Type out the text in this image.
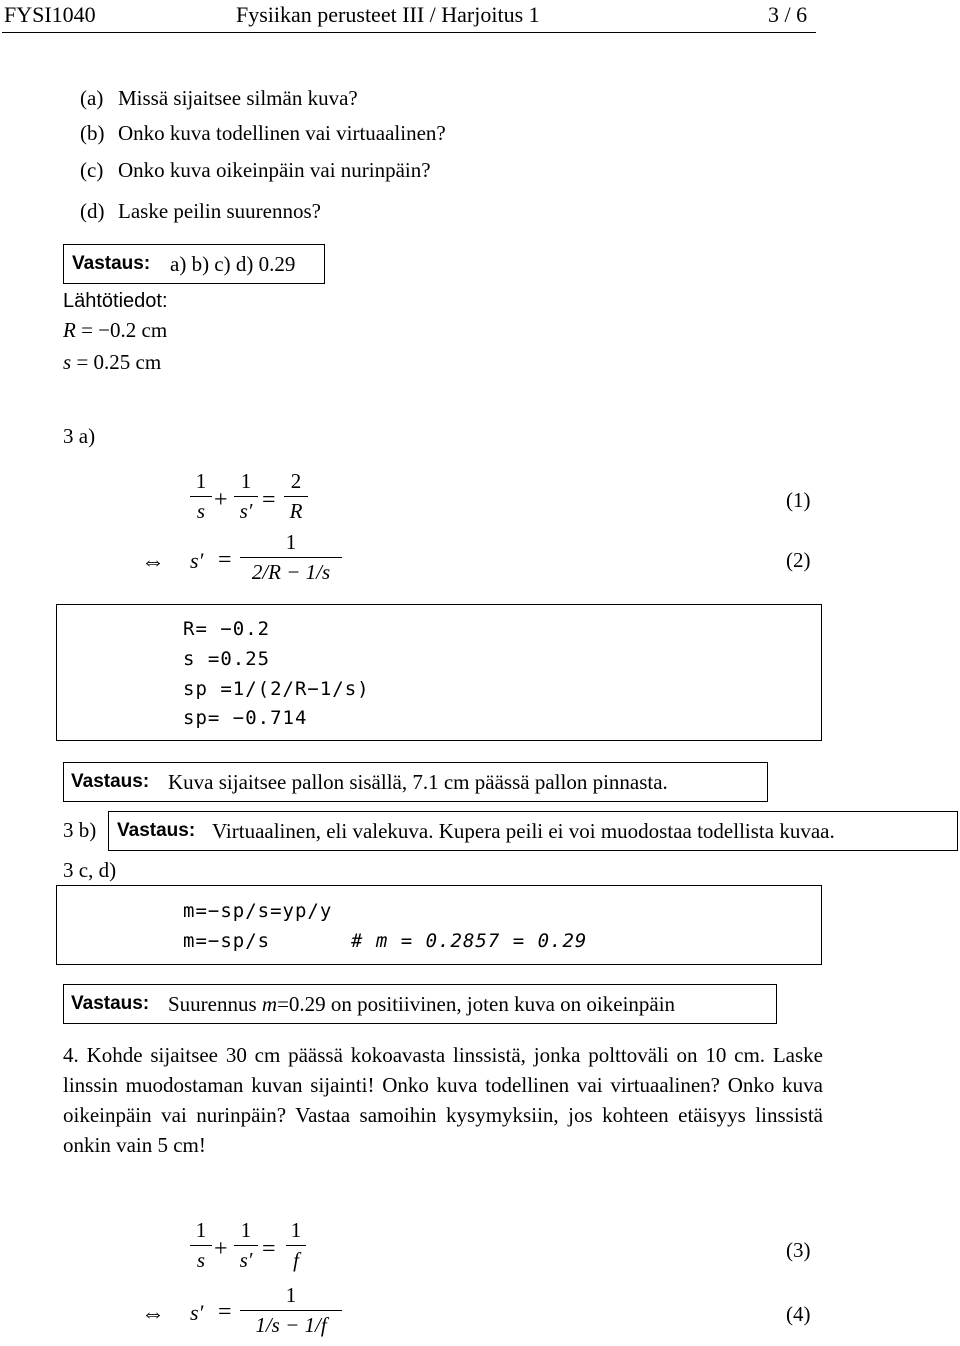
FYSI1040	Fysiikan perusteet III / Harjoitus 1	3 / 6
(a) Missä sijaitsee silmän kuva?
(b) Onko kuva todellinen vai virtuaalinen?
(c) Onko kuva oikeinpäin vai nurinpäin?
(d) Laske peilin suurennos?
Vastaus: a) b) c) d) 0.29
Lähtötiedot:
R = −0.2 cm
s = 0.25 cm
3 a)
1
s +
1
s′ =
2
R	(1)
⇔ s′ =
1
2/R − 1/s
(2)
R= −0.2
s =0.25
sp =1/(2/R−1/s)
sp= −0.714
Vastaus: Kuva sijaitsee pallon sisällä, 7.1 cm päässä pallon pinnasta.
3 b) Vastaus: Virtuaalinen, eli valekuva. Kupera peili ei voi muodostaa todellista kuvaa.
3 c, d)
m=−sp/s=yp/y
m=−sp/s	# m = 0.2857 = 0.29
Vastaus: Suurennus m=0.29 on positiivinen, joten kuva on oikeinpäin
4. Kohde sijaitsee 30 cm päässä kokoavasta linssistä, jonka polttoväli on 10 cm. Laske linssin muodostaman kuvan sijainti! Onko kuva todellinen vai virtuaalinen? Onko kuva oikeinpäin vai nurinpäin? Vastaa samoihin kysymyksiin, jos kohteen etäisyys linssistä onkin vain 5 cm!
1
s +
1
s′ =
1
f	(3)
⇔ s′ =
1
1/s − 1/f	(4)
